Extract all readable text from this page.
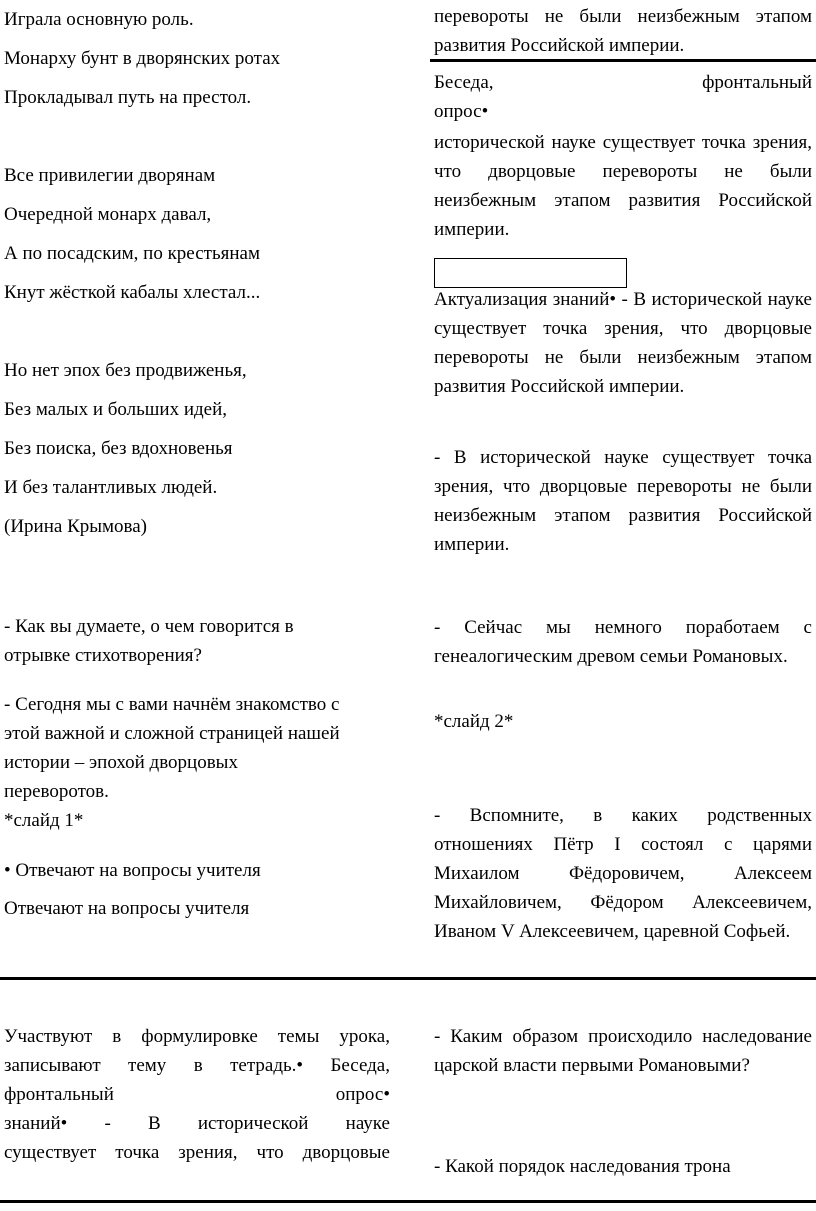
Играла основную роль.

Монарху бунт в дворянских ротах

Прокладывал путь на престол.

Все привилегии дворянам

Очередной монарх давал,

А по посадским, по крестьянам

Кнут жёсткой кабалы хлестал...

Но нет эпох без продвиженья,

Без малых и больших идей,

Без поиска, без вдохновенья

И без талантливых людей.

(Ирина Крымова)

- Как вы думаете, о чем говорится в отрывке стихотворения?

- Сегодня мы с вами начнём знакомство с этой важной и сложной страницей нашей истории – эпохой дворцовых переворотов.

*слайд 1*

• Отвечают на вопросы учителя

Отвечают на вопросы учителя

Участвуют в формулировке темы урока,

записывают тему в тетрадь.• Беседа,

фронтальный опрос•

знаний• - В исторической науке

существует точка зрения, что дворцовые

перевороты не были неизбежным этапом развития Российской империи.

Беседа, фронтальный

опрос•

исторической науке существует точка зрения, что дворцовые перевороты не были неизбежным этапом развития Российской империи.

Актуализация знаний• - В исторической науке существует точка зрения, что дворцовые перевороты не были неизбежным этапом развития Российской империи.

- В исторической науке существует точка зрения, что дворцовые перевороты не были неизбежным этапом развития Российской империи.

- Сейчас мы немного поработаем с генеалогическим древом семьи Романовых.

*слайд 2*

- Вспомните, в каких родственных отношениях Пётр I состоял с царями Михаилом Фёдоровичем, Алексеем Михайловичем, Фёдором Алексеевичем, Иваном V Алексеевичем, царевной Софьей.

- Каким образом происходило наследование царской власти первыми Романовыми?

- Какой порядок наследования трона
